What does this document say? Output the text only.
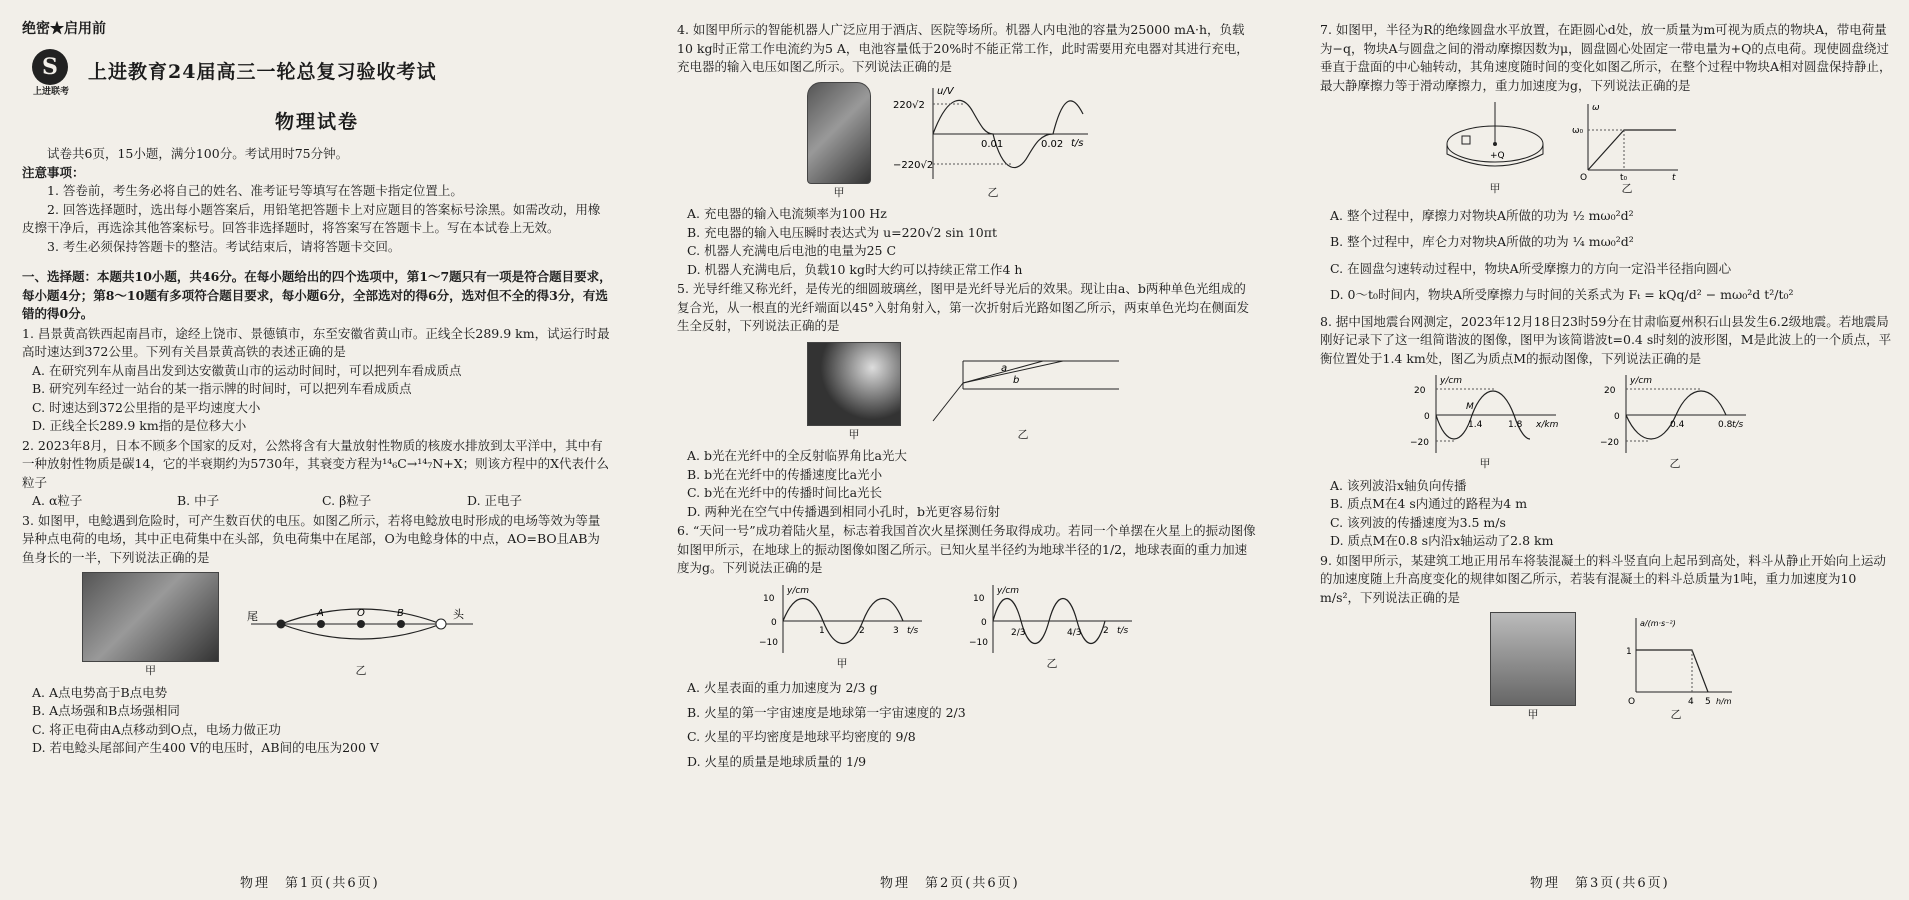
绝密★启用前

S
上进联考
上进教育24届高三一轮总复习验收考试
物理试卷

试卷共6页，15小题，满分100分。考试用时75分钟。

注意事项：

1. 答卷前，考生务必将自己的姓名、准考证号等填写在答题卡指定位置上。

2. 回答选择题时，选出每小题答案后，用铅笔把答题卡上对应题目的答案标号涂黑。如需改动，用橡皮擦干净后，再选涂其他答案标号。回答非选择题时，将答案写在答题卡上。写在本试卷上无效。

3. 考生必须保持答题卡的整洁。考试结束后，请将答题卡交回。

一、选择题：本题共10小题，共46分。在每小题给出的四个选项中，第1～7题只有一项是符合题目要求，每小题4分；第8～10题有多项符合题目要求，每小题6分，全部选对的得6分，选对但不全的得3分，有选错的得0分。

1. 昌景黄高铁西起南昌市，途经上饶市、景德镇市，东至安徽省黄山市。正线全长289.9 km，试运行时最高时速达到372公里。下列有关昌景黄高铁的表述正确的是

A. 在研究列车从南昌出发到达安徽黄山市的运动时间时，可以把列车看成质点

B. 研究列车经过一站台的某一指示牌的时间时，可以把列车看成质点

C. 时速达到372公里指的是平均速度大小

D. 正线全长289.9 km指的是位移大小

2. 2023年8月，日本不顾多个国家的反对，公然将含有大量放射性物质的核废水排放到太平洋中，其中有一种放射性物质是碳14，它的半衰期约为5730年，其衰变方程为¹⁴₆C→¹⁴₇N+X；则该方程中的X代表什么粒子

A. α粒子	B. 中子	C. β粒子	D. 正电子

3. 如图甲，电鲶遇到危险时，可产生数百伏的电压。如图乙所示，若将电鲶放电时形成的电场等效为等量异种点电荷的电场，其中正电荷集中在头部，负电荷集中在尾部，O为电鲶身体的中点，AO=BO且AB为鱼身长的一半，下列说法正确的是

甲
尾	A	O	B	头
乙

A. A点电势高于B点电势

B. A点场强和B点场强相同

C. 将正电荷由A点移动到O点，电场力做正功

D. 若电鲶头尾部间产生400 V的电压时，AB间的电压为200 V

物理　第1页(共6页)

4. 如图甲所示的智能机器人广泛应用于酒店、医院等场所。机器人内电池的容量为25000 mA·h，负载10 kg时正常工作电流约为5 A，电池容量低于20%时不能正常工作，此时需要用充电器对其进行充电，充电器的输入电压如图乙所示。下列说法正确的是

甲
u/V
t/s
220√2
−220√2
0.01	0.02
乙

A. 充电器的输入电流频率为100 Hz

B. 充电器的输入电压瞬时表达式为 u=220√2 sin 10πt

C. 机器人充满电后电池的电量为25 C

D. 机器人充满电后，负载10 kg时大约可以持续正常工作4 h

5. 光导纤维又称光纤，是传光的细圆玻璃丝，图甲是光纤导光后的效果。现让由a、b两种单色光组成的复合光，从一根直的光纤端面以45°入射角射入，第一次折射后光路如图乙所示，两束单色光均在侧面发生全反射，下列说法正确的是

甲
a
b
乙

A. b光在光纤中的全反射临界角比a光大

B. b光在光纤中的传播速度比a光小

C. b光在光纤中的传播时间比a光长

D. 两种光在空气中传播遇到相同小孔时，b光更容易衍射

6. “天问一号”成功着陆火星，标志着我国首次火星探测任务取得成功。若同一个单摆在火星上的振动图像如图甲所示，在地球上的振动图像如图乙所示。已知火星半径约为地球半径的1/2，地球表面的重力加速度为g。下列说法正确的是

y/cm
t/s
10
0
−10
1	2	3
甲
y/cm
t/s
10
0
−10
2/3	4/3 2
乙

A. 火星表面的重力加速度为 2/3 g

B. 火星的第一宇宙速度是地球第一宇宙速度的 2/3

C. 火星的平均密度是地球平均密度的 9/8

D. 火星的质量是地球质量的 1/9

物理　第2页(共6页)

7. 如图甲，半径为R的绝缘圆盘水平放置，在距圆心d处，放一质量为m可视为质点的物块A，带电荷量为−q，物块A与圆盘之间的滑动摩擦因数为μ，圆盘圆心处固定一带电量为+Q的点电荷。现使圆盘绕过垂直于盘面的中心轴转动，其角速度随时间的变化如图乙所示，在整个过程中物块A相对圆盘保持静止，最大静摩擦力等于滑动摩擦力，重力加速度为g，下列说法正确的是

+Q
甲
ω
t
ω₀
t₀
O
乙

A. 整个过程中，摩擦力对物块A所做的功为 ½ mω₀²d²

B. 整个过程中，库仑力对物块A所做的功为 ¼ mω₀²d²

C. 在圆盘匀速转动过程中，物块A所受摩擦力的方向一定沿半径指向圆心

D. 0～t₀时间内，物块A所受摩擦力与时间的关系式为 Fₜ = kQq/d² − mω₀²d t²/t₀²

8. 据中国地震台网测定，2023年12月18日23时59分在甘肃临夏州积石山县发生6.2级地震。若地震局刚好记录下了这一组简谐波的图像，图甲为该简谐波t=0.4 s时刻的波形图，M是此波上的一个质点，平衡位置处于1.4 km处，图乙为质点M的振动图像，下列说法正确的是

y/cm
x/km
20
0
−20
1.4	1.8
M
甲
y/cm
t/s
20
0
−20
0.4	0.8
乙

A. 该列波沿x轴负向传播

B. 质点M在4 s内通过的路程为4 m

C. 该列波的传播速度为3.5 m/s

D. 质点M在0.8 s内沿x轴运动了2.8 km

9. 如图甲所示，某建筑工地正用吊车将装混凝土的料斗竖直向上起吊到高处，料斗从静止开始向上运动的加速度随上升高度变化的规律如图乙所示，若装有混凝土的料斗总质量为1吨，重力加速度为10 m/s²，下列说法正确的是

甲
a/(m·s⁻²)
h/m
1
4 5
O
乙
物理　第3页(共6页)
